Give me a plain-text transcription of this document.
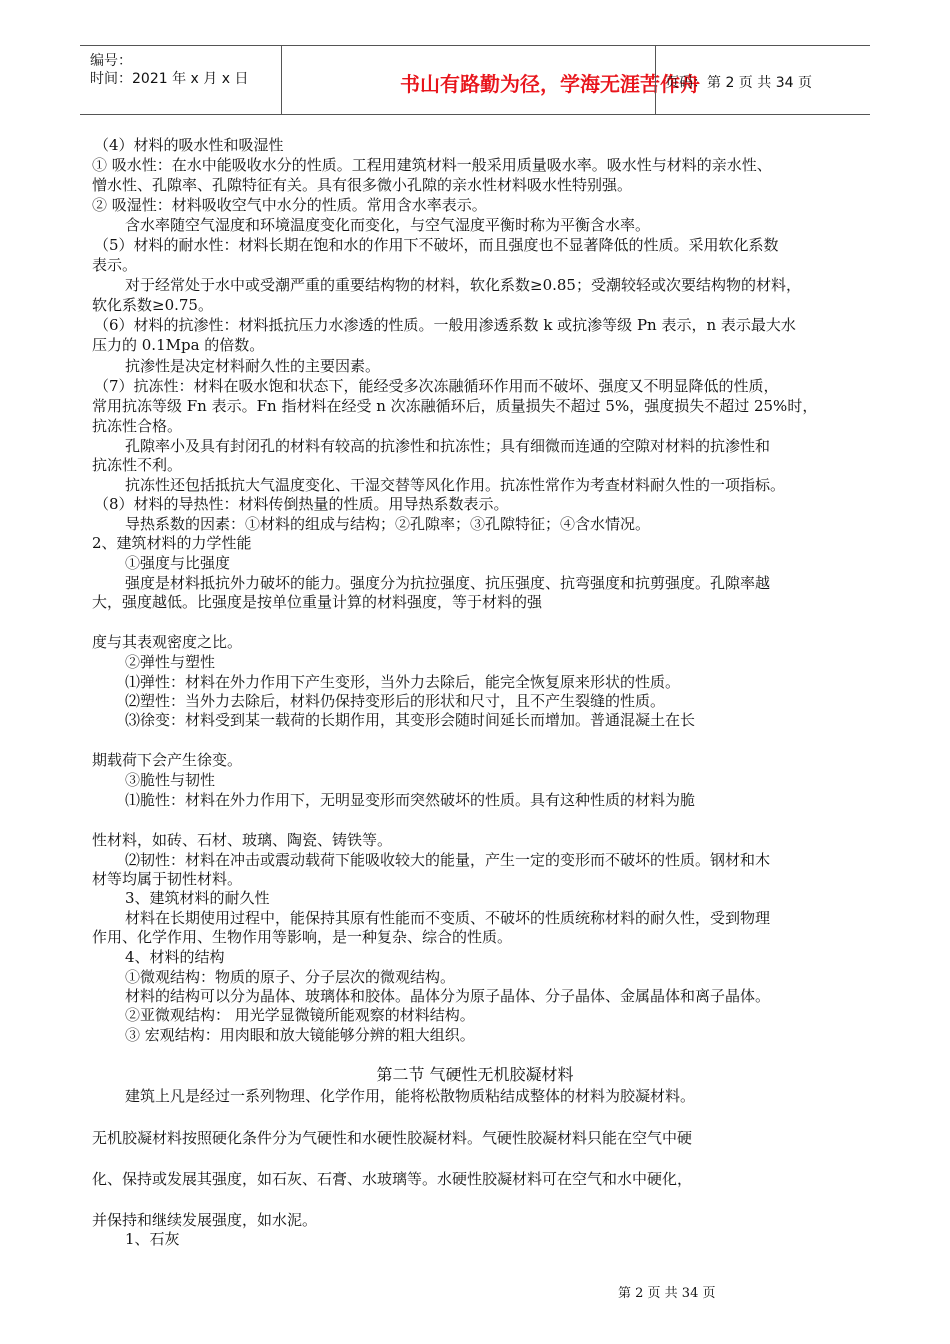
编号：
时间：2021 年 x 月 x 日	书山有路勤为径，学海无涯苦作舟
页码：第 2 页 共 34 页
（4）材料的吸水性和吸湿性
① 吸水性：在水中能吸收水分的性质。工程用建筑材料一般采用质量吸水率。吸水性与材料的亲水性、
憎水性、孔隙率、孔隙特征有关。具有很多微小孔隙的亲水性材料吸水性特别强。
② 吸湿性：材料吸收空气中水分的性质。常用含水率表示。
含水率随空气湿度和环境温度变化而变化，与空气湿度平衡时称为平衡含水率。
（5）材料的耐水性：材料长期在饱和水的作用下不破坏，而且强度也不显著降低的性质。采用软化系数
表示。
对于经常处于水中或受潮严重的重要结构物的材料，软化系数≥0.85；受潮较轻或次要结构物的材料，
软化系数≥0.75。
（6）材料的抗渗性：材料抵抗压力水渗透的性质。一般用渗透系数 k 或抗渗等级 Pn 表示，n 表示最大水
压力的 0.1Mpa 的倍数。
抗渗性是决定材料耐久性的主要因素。
（7）抗冻性：材料在吸水饱和状态下，能经受多次冻融循环作用而不破坏、强度又不明显降低的性质，
常用抗冻等级 Fn 表示。Fn 指材料在经受 n 次冻融循环后，质量损失不超过 5%，强度损失不超过 25%时，
抗冻性合格。
孔隙率小及具有封闭孔的材料有较高的抗渗性和抗冻性；具有细微而连通的空隙对材料的抗渗性和
抗冻性不利。
抗冻性还包括抵抗大气温度变化、干湿交替等风化作用。抗冻性常作为考查材料耐久性的一项指标。
（8）材料的导热性：材料传倒热量的性质。用导热系数表示。
导热系数的因素：①材料的组成与结构；②孔隙率；③孔隙特征；④含水情况。
2、建筑材料的力学性能
①强度与比强度
强度是材料抵抗外力破坏的能力。强度分为抗拉强度、抗压强度、抗弯强度和抗剪强度。孔隙率越
大，强度越低。比强度是按单位重量计算的材料强度，等于材料的强
度与其表观密度之比。
②弹性与塑性
⑴弹性：材料在外力作用下产生变形，当外力去除后，能完全恢复原来形状的性质。
⑵塑性：当外力去除后，材料仍保持变形后的形状和尺寸，且不产生裂缝的性质。
⑶徐变：材料受到某一载荷的长期作用，其变形会随时间延长而增加。普通混凝土在长
期载荷下会产生徐变。
③脆性与韧性
⑴脆性：材料在外力作用下，无明显变形而突然破坏的性质。具有这种性质的材料为脆
性材料，如砖、石材、玻璃、陶瓷、铸铁等。
⑵韧性：材料在冲击或震动载荷下能吸收较大的能量，产生一定的变形而不破坏的性质。钢材和木
材等均属于韧性材料。
3、建筑材料的耐久性
材料在长期使用过程中，能保持其原有性能而不变质、不破坏的性质统称材料的耐久性，受到物理
作用、化学作用、生物作用等影响，是一种复杂、综合的性质。
4、材料的结构
①微观结构：物质的原子、分子层次的微观结构。
材料的结构可以分为晶体、玻璃体和胶体。晶体分为原子晶体、分子晶体、金属晶体和离子晶体。
②亚微观结构： 用光学显微镜所能观察的材料结构。
③ 宏观结构：用肉眼和放大镜能够分辨的粗大组织。
第二节 气硬性无机胶凝材料
建筑上凡是经过一系列物理、化学作用，能将松散物质粘结成整体的材料为胶凝材料。
无机胶凝材料按照硬化条件分为气硬性和水硬性胶凝材料。气硬性胶凝材料只能在空气中硬
化、保持或发展其强度，如石灰、石膏、水玻璃等。水硬性胶凝材料可在空气和水中硬化，
并保持和继续发展强度，如水泥。
1、石灰
第 2 页 共 34 页
